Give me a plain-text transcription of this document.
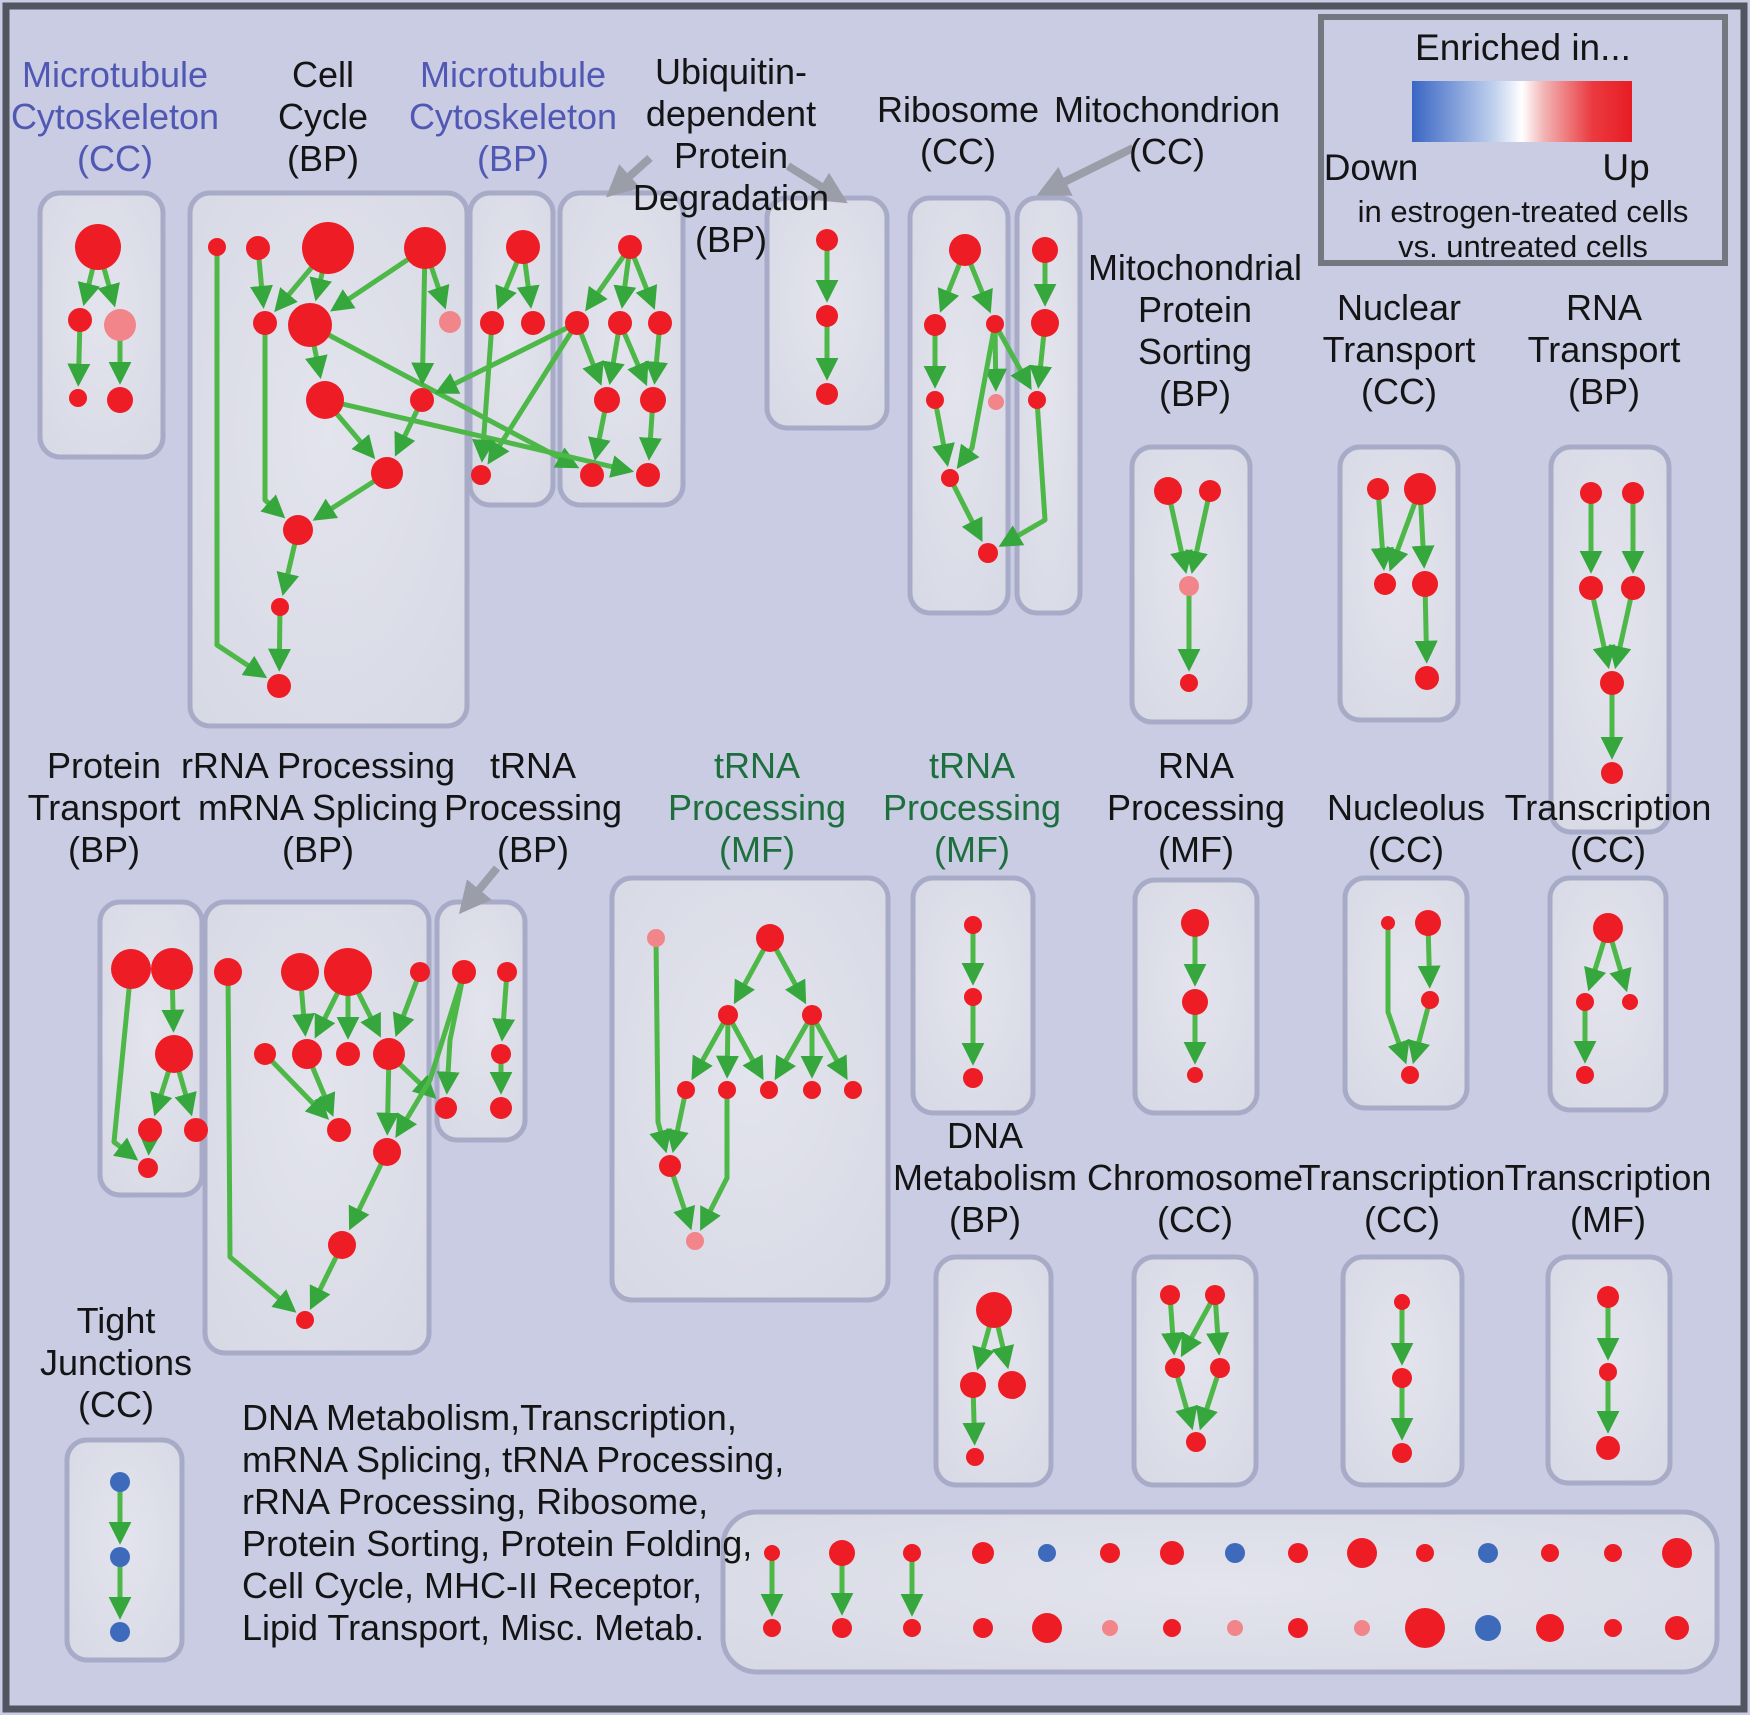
Microtubule
Cytoskeleton
(CC)
Cell
Cycle
(BP)
Microtubule
Cytoskeleton
(BP)
Ubiquitin-
dependent
Protein
Degradation
(BP)
Ribosome
(CC)
Mitochondrion
(CC)
Mitochondrial
Protein
Sorting
(BP)
Nuclear
Transport
(CC)
RNA
Transport
(BP)
Protein
Transport
(BP)
rRNA Processing
mRNA Splicing
(BP)
tRNA
Processing
(BP)
tRNA
Processing
(MF)
tRNA
Processing
(MF)
RNA
Processing
(MF)
Nucleolus
(CC)
Transcription
(CC)
DNA
Metabolism
(BP)
Chromosome
(CC)
Transcription
(CC)
Transcription
(MF)
Tight
Junctions
(CC) DNA Metabolism,Transcription,
mRNA Splicing, tRNA Processing,
rRNA Processing, Ribosome,
Protein Sorting, Protein Folding,
Cell Cycle, MHC-II Receptor,
Lipid Transport, Misc. Metab.
Enriched in...
Down	Up
in estrogen-treated cells
vs. untreated cells
